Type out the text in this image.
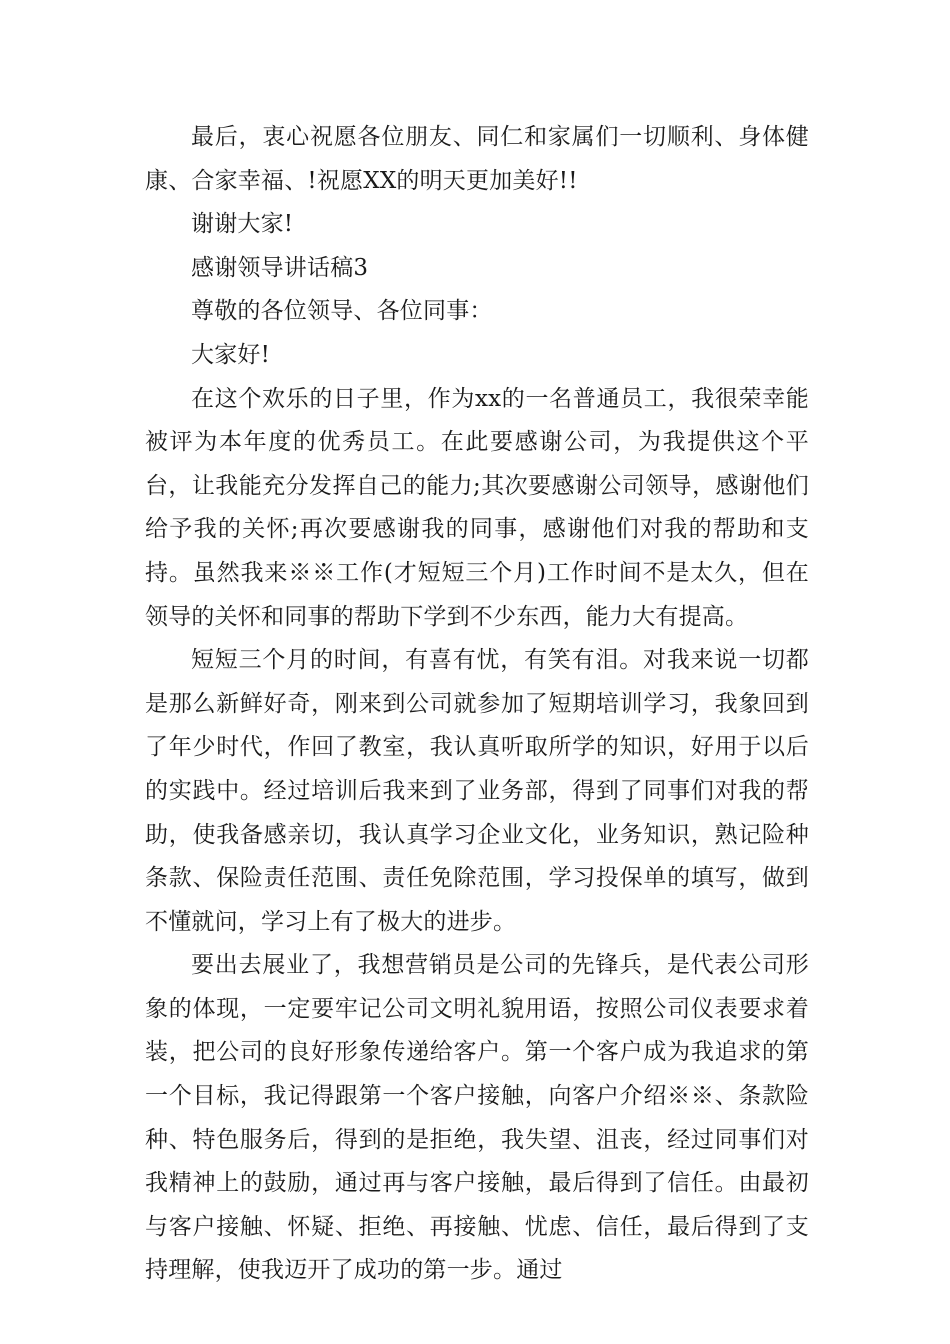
最后，衷心祝愿各位朋友、同仁和家属们一切顺利、身体健康、合家幸福、!祝愿XX的明天更加美好!!

谢谢大家!

感谢领导讲话稿3

尊敬的各位领导、各位同事：

大家好!

在这个欢乐的日子里，作为xx的一名普通员工，我很荣幸能被评为本年度的优秀员工。在此要感谢公司，为我提供这个平台，让我能充分发挥自己的能力;其次要感谢公司领导，感谢他们给予我的关怀;再次要感谢我的同事，感谢他们对我的帮助和支持。虽然我来※※工作(才短短三个月)工作时间不是太久，但在领导的关怀和同事的帮助下学到不少东西，能力大有提高。

短短三个月的时间，有喜有忧，有笑有泪。对我来说一切都是那么新鲜好奇，刚来到公司就参加了短期培训学习，我象回到了年少时代，作回了教室，我认真听取所学的知识，好用于以后的实践中。经过培训后我来到了业务部，得到了同事们对我的帮助，使我备感亲切，我认真学习企业文化，业务知识，熟记险种条款、保险责任范围、责任免除范围，学习投保单的填写，做到不懂就问，学习上有了极大的进步。

要出去展业了，我想营销员是公司的先锋兵，是代表公司形象的体现，一定要牢记公司文明礼貌用语，按照公司仪表要求着装，把公司的良好形象传递给客户。第一个客户成为我追求的第一个目标，我记得跟第一个客户接触，向客户介绍※※、条款险种、特色服务后，得到的是拒绝，我失望、沮丧，经过同事们对我精神上的鼓励，通过再与客户接触，最后得到了信任。由最初与客户接触、怀疑、拒绝、再接触、忧虑、信任，最后得到了支持理解，使我迈开了成功的第一步。通过
